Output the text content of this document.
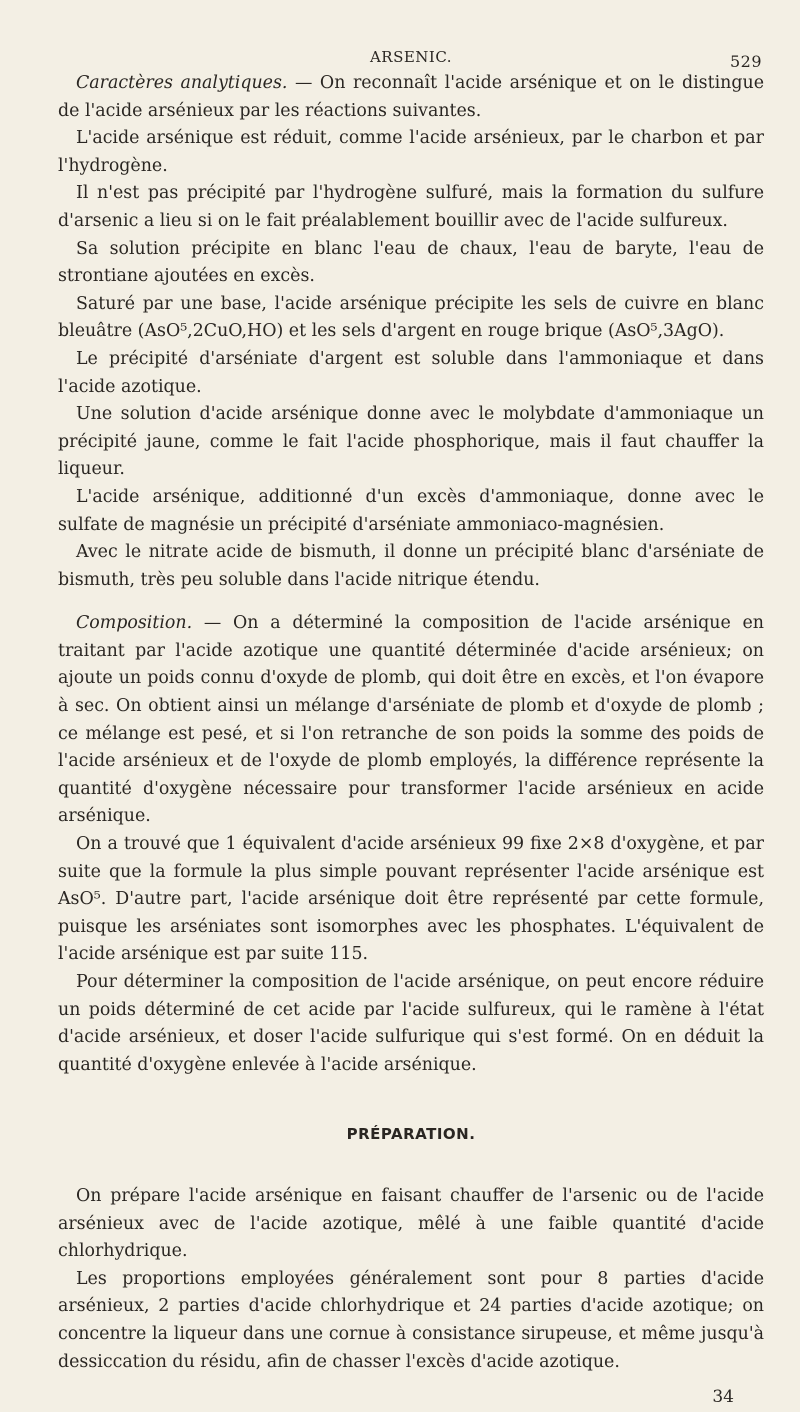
ARSENIC.	529

Caractères analytiques. — On reconnaît l'acide arsénique et on le distingue de l'acide arsénieux par les réactions suivantes.

L'acide arsénique est réduit, comme l'acide arsénieux, par le charbon et par l'hydrogène.

Il n'est pas précipité par l'hydrogène sulfuré, mais la formation du sulfure d'arsenic a lieu si on le fait préalablement bouillir avec de l'acide sulfureux.

Sa solution précipite en blanc l'eau de chaux, l'eau de baryte, l'eau de strontiane ajoutées en excès.

Saturé par une base, l'acide arsénique précipite les sels de cuivre en blanc bleuâtre (AsO⁵,2CuO,HO) et les sels d'argent en rouge brique (AsO⁵,3AgO).

Le précipité d'arséniate d'argent est soluble dans l'ammoniaque et dans l'acide azotique.

Une solution d'acide arsénique donne avec le molybdate d'ammoniaque un précipité jaune, comme le fait l'acide phosphorique, mais il faut chauffer la liqueur.

L'acide arsénique, additionné d'un excès d'ammoniaque, donne avec le sulfate de magnésie un précipité d'arséniate ammoniaco-magnésien.

Avec le nitrate acide de bismuth, il donne un précipité blanc d'arséniate de bismuth, très peu soluble dans l'acide nitrique étendu.

Composition. — On a déterminé la composition de l'acide arsénique en traitant par l'acide azotique une quantité déterminée d'acide arsénieux; on ajoute un poids connu d'oxyde de plomb, qui doit être en excès, et l'on évapore à sec. On obtient ainsi un mélange d'arséniate de plomb et d'oxyde de plomb ; ce mélange est pesé, et si l'on retranche de son poids la somme des poids de l'acide arsénieux et de l'oxyde de plomb employés, la différence représente la quantité d'oxygène nécessaire pour transformer l'acide arsénieux en acide arsénique.

On a trouvé que 1 équivalent d'acide arsénieux 99 fixe 2×8 d'oxygène, et par suite que la formule la plus simple pouvant représenter l'acide arsénique est AsO⁵. D'autre part, l'acide arsénique doit être représenté par cette formule, puisque les arséniates sont isomorphes avec les phosphates. L'équivalent de l'acide arsénique est par suite 115.

Pour déterminer la composition de l'acide arsénique, on peut encore réduire un poids déterminé de cet acide par l'acide sulfureux, qui le ramène à l'état d'acide arsénieux, et doser l'acide sulfurique qui s'est formé. On en déduit la quantité d'oxygène enlevée à l'acide arsénique.

PRÉPARATION.

On prépare l'acide arsénique en faisant chauffer de l'arsenic ou de l'acide arsénieux avec de l'acide azotique, mêlé à une faible quantité d'acide chlorhydrique.

Les proportions employées généralement sont pour 8 parties d'acide arsénieux, 2 parties d'acide chlorhydrique et 24 parties d'acide azotique; on concentre la liqueur dans une cornue à consistance sirupeuse, et même jusqu'à dessiccation du résidu, afin de chasser l'excès d'acide azotique.

34
